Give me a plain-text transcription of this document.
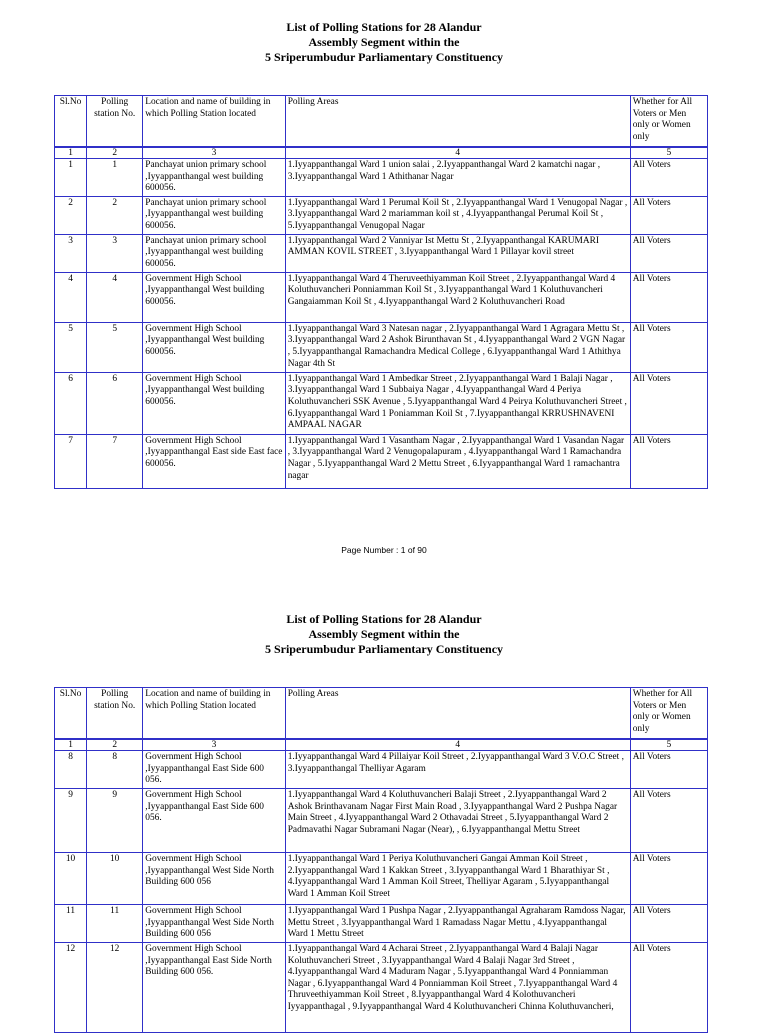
List of Polling Stations for 28 Alandur
Assembly Segment within the
5 Sriperumbudur Parliamentary Constituency
Sl.No	Polling station No.	Location and name of building in which Polling Station located	Polling Areas	Whether for All Voters or Men only or Women only
1	2	3	4	5
1	1	Panchayat union primary school ,Iyyappanthangal west building 600056.	1.Iyyappanthangal Ward 1 union salai , 2.Iyyappanthangal Ward 2 kamatchi nagar , 3.Iyyappanthangal Ward 1 Athithanar Nagar	All Voters
2	2	Panchayat union primary school ,Iyyappanthangal west building 600056.	1.Iyyappanthangal Ward 1 Perumal Koil St , 2.Iyyappanthangal Ward 1 Venugopal Nagar , 3.Iyyappanthangal Ward 2 mariamman koil st , 4.Iyyappanthangal Perumal Koil St , 5.Iyyappanthangal Venugopal Nagar	All Voters
3	3	Panchayat union primary school ,Iyyappanthangal west building 600056.	1.Iyyappanthangal Ward 2 Vanniyar Ist Mettu St , 2.Iyyappanthangal KARUMARI AMMAN KOVIL STREET , 3.Iyyappanthangal Ward 1 Pillayar kovil street	All Voters
4	4	Government High School ,Iyyappanthangal West building 600056.	1.Iyyappanthangal Ward 4 Theruveethiyamman Koil Street , 2.Iyyappanthangal Ward 4 Koluthuvancheri Ponniamman Koil St , 3.Iyyappanthangal Ward 1 Koluthuvancheri Gangaiamman Koil St , 4.Iyyappanthangal Ward 2 Koluthuvancheri Road	All Voters
5	5	Government High School ,Iyyappanthangal West building 600056.	1.Iyyappanthangal Ward 3 Natesan nagar , 2.Iyyappanthangal Ward 1 Agragara Mettu St , 3.Iyyappanthangal Ward 2 Ashok Birunthavan St , 4.Iyyappanthangal Ward 2 VGN Nagar , 5.Iyyappanthangal Ramachandra Medical College , 6.Iyyappanthangal Ward 1 Athithya Nagar 4th St	All Voters
6	6	Government High School ,Iyyappanthangal West building 600056.	1.Iyyappanthangal Ward 1 Ambedkar Street , 2.Iyyappanthangal Ward 1 Balaji Nagar , 3.Iyyappanthangal Ward 1 Subbaiya Nagar , 4.Iyyappanthangal Ward 4 Periya Koluthuvancheri SSK Avenue , 5.Iyyappanthangal Ward 4 Peirya Koluthuvancheri Street , 6.Iyyappanthangal Ward 1 Poniamman Koil St , 7.Iyyappanthangal KRRUSHNAVENI AMPAAL NAGAR	All Voters
7	7	Government High School ,Iyyappanthangal East side East face 600056.	1.Iyyappanthangal Ward 1 Vasantham Nagar , 2.Iyyappanthangal Ward 1 Vasandan Nagar , 3.Iyyappanthangal Ward 2 Venugopalapuram , 4.Iyyappanthangal Ward 1 Ramachandra Nagar , 5.Iyyappanthangal Ward 2 Mettu Street , 6.Iyyappanthangal Ward 1 ramachantra nagar	All Voters
Page Number : 1 of 90
List of Polling Stations for 28 Alandur
Assembly Segment within the
5 Sriperumbudur Parliamentary Constituency
Sl.No	Polling station No.	Location and name of building in which Polling Station located	Polling Areas	Whether for All Voters or Men only or Women only
1	2	3	4	5
8	8	Government High School ,Iyyappanthangal East Side 600 056.	1.Iyyappanthangal Ward 4 Pillaiyar Koil Street , 2.Iyyappanthangal Ward 3 V.O.C Street , 3.Iyyappanthangal Thelliyar Agaram	All Voters
9	9	Government High School ,Iyyappanthangal East Side 600 056.	1.Iyyappanthangal Ward 4 Koluthuvancheri Balaji Street , 2.Iyyappanthangal Ward 2 Ashok Brinthavanam Nagar First Main Road , 3.Iyyappanthangal Ward 2 Pushpa Nagar Main Street , 4.Iyyappanthangal Ward 2 Othavadai Street , 5.Iyyappanthangal Ward 2 Padmavathi Nagar Subramani Nagar (Near), , 6.Iyyappanthangal Mettu Street	All Voters
10	10	Government High School ,Iyyappanthangal West Side North Building 600 056	1.Iyyappanthangal Ward 1 Periya Koluthuvancheri Gangai Amman Koil Street , 2.Iyyappanthangal Ward 1 Kakkan Street , 3.Iyyappanthangal Ward 1 Bharathiyar St , 4.Iyyappanthangal Ward 1 Amman Koil Street, Thelliyar Agaram , 5.Iyyappanthangal Ward 1 Amman Koil Street	All Voters
11	11	Government High School ,Iyyappanthangal West Side North Building 600 056	1.Iyyappanthangal Ward 1 Pushpa Nagar , 2.Iyyappanthangal Agraharam Ramdoss Nagar, Mettu Street , 3.Iyyappanthangal Ward 1 Ramadass Nagar Mettu , 4.Iyyappanthangal Ward 1 Mettu Street	All Voters
12	12	Government High School ,Iyyappanthangal East Side North Building 600 056.	1.Iyyappanthangal Ward 4 Acharai Street , 2.Iyyappanthangal Ward 4 Balaji Nagar Koluthuvancheri Street , 3.Iyyappanthangal Ward 4 Balaji Nagar 3rd Street , 4.Iyyappanthangal Ward 4 Maduram Nagar , 5.Iyyappanthangal Ward 4 Ponniamman Nagar , 6.Iyyappanthangal Ward 4 Ponniamman Koil Street , 7.Iyyappanthangal Ward 4 Thruveethiyamman Koil Street , 8.Iyyappanthangal Ward 4 Kolothuvancheri Iyyappanthagal , 9.Iyyappanthangal Ward 4 Koluthuvancheri Chinna Koluthuvancheri,	All Voters
